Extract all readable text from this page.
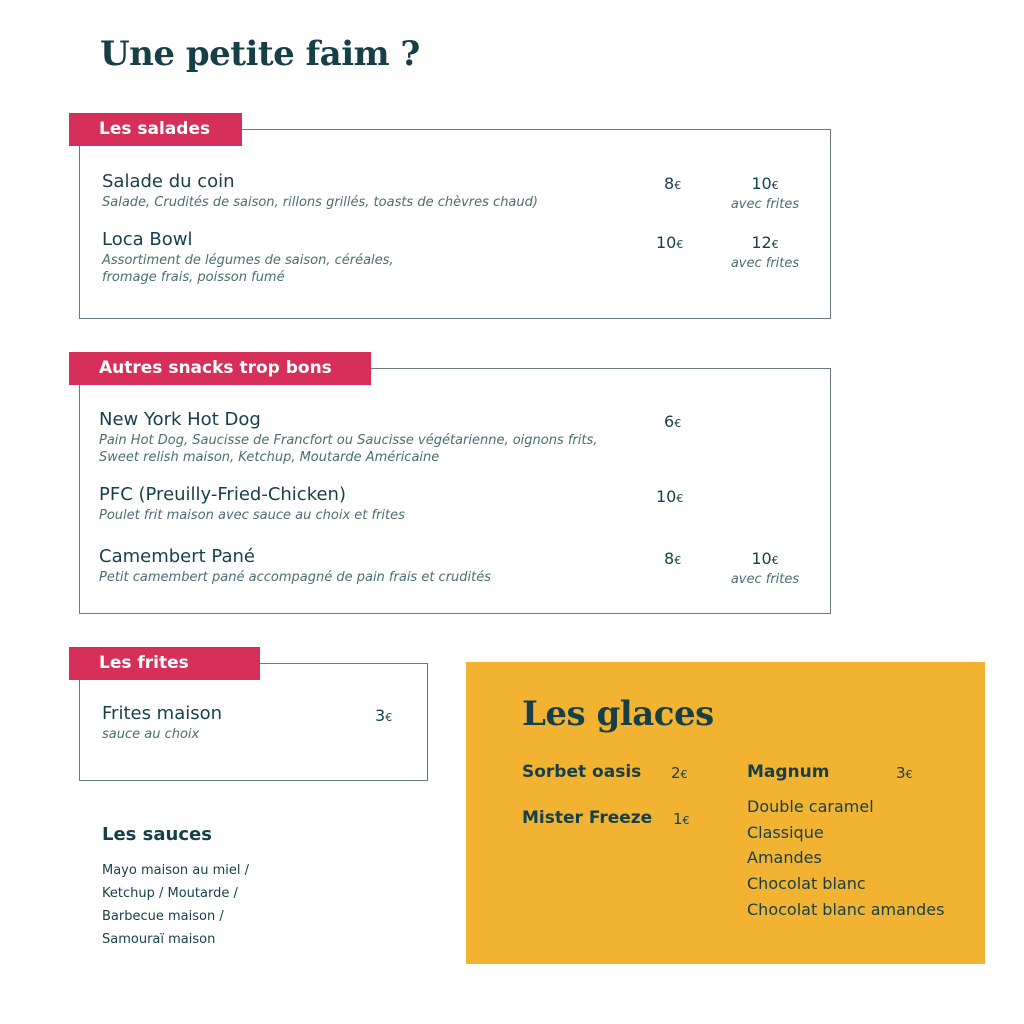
Une petite faim ?
Les salades
Salade du coin
Salade, Crudités de saison, rillons grillés, toasts de chèvres chaud)
8€	10€
avec frites
Loca Bowl
Assortiment de légumes de saison, céréales,
fromage frais, poisson fumé
10€	12€
avec frites
Autres snacks trop bons
New York Hot Dog
Pain Hot Dog, Saucisse de Francfort ou Saucisse végétarienne, oignons frits,
Sweet relish maison, Ketchup, Moutarde Américaine
6€
PFC (Preuilly-Fried-Chicken)
Poulet frit maison avec sauce au choix et frites
10€
Camembert Pané
Petit camembert pané accompagné de pain frais et crudités
8€	10€
avec frites
Les frites
Frites maison
sauce au choix
3€
Les sauces
Mayo maison au miel /
Ketchup / Moutarde /
Barbecue maison /
Samouraï maison
Les glaces
Sorbet oasis 2€
Mister Freeze 1€
Magnum	3€
Double caramel
Classique
Amandes
Chocolat blanc
Chocolat blanc amandes
